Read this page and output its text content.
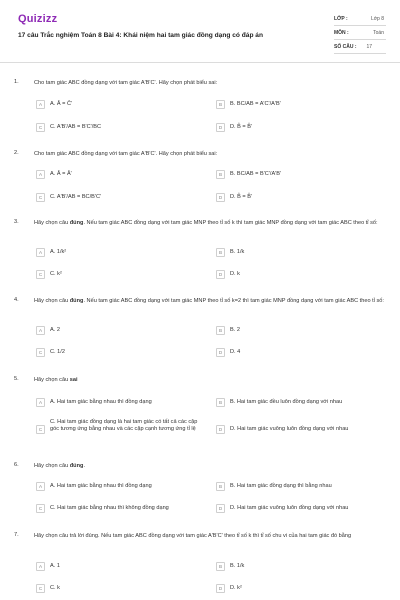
Quizizz
17 câu Trắc nghiệm Toán 8 Bài 4: Khái niệm hai tam giác đồng dạng có đáp án
LỚP :	Lớp 8
MÔN :	Toán
SỐ CÂU : 17
1.	Cho tam giác ABC đồng dạng với tam giác A'B'C'. Hãy chọn phát biểu sai:
A	A. Â = Ĉ'	B	B. BC/AB = A'C'/A'B'
C	C. A'B'/AB = B'C'/BC	D	D. B̂ = B̂'
2.	Cho tam giác ABC đồng dạng với tam giác A'B'C'. Hãy chọn phát biểu sai:
A	A. Â = Â'	B	B. BC/AB = B'C'/A'B'
C	C. A'B'/AB = BC/B'C'	D	D. B̂ = B̂'
3.	Hãy chọn câu đúng. Nếu tam giác ABC đồng dạng với tam giác MNP theo tỉ số k thì tam giác MNP đồng dạng với tam giác ABC theo tỉ số:
A	A. 1/k²	B	B. 1/k
C	C. k²	D	D. k
4.	Hãy chọn câu đúng. Nếu tam giác ABC đồng dạng với tam giác MNP theo tỉ số k=2 thì tam giác MNP đồng dạng với tam giác ABC theo tỉ số:
A	A. 2	B	B. 2
C	C. 1/2	D	D. 4
5.	Hãy chọn câu sai
A	A. Hai tam giác bằng nhau thì đồng dạng	B	B. Hai tam giác đều luôn đồng dạng với nhau
C
C. Hai tam giác đồng dạng là hai tam giác có tất cả các cặp góc tương ứng bằng nhau và các cặp cạnh tương ứng tỉ lệ	D	D. Hai tam giác vuông luôn đồng dạng với nhau
6.	Hãy chọn câu đúng.
A	A. Hai tam giác bằng nhau thì đồng dạng	B	B. Hai tam giác đồng dạng thì bằng nhau
C	C. Hai tam giác bằng nhau thì không đồng dạng	D	D. Hai tam giác vuông luôn đồng dạng với nhau
7.	Hãy chọn câu trả lời đúng. Nếu tam giác ABC đồng dạng với tam giác A'B'C' theo tỉ số k thì tỉ số chu vi của hai tam giác đó bằng
A	A. 1	B	B. 1/k
C	C. k	D	D. k²
